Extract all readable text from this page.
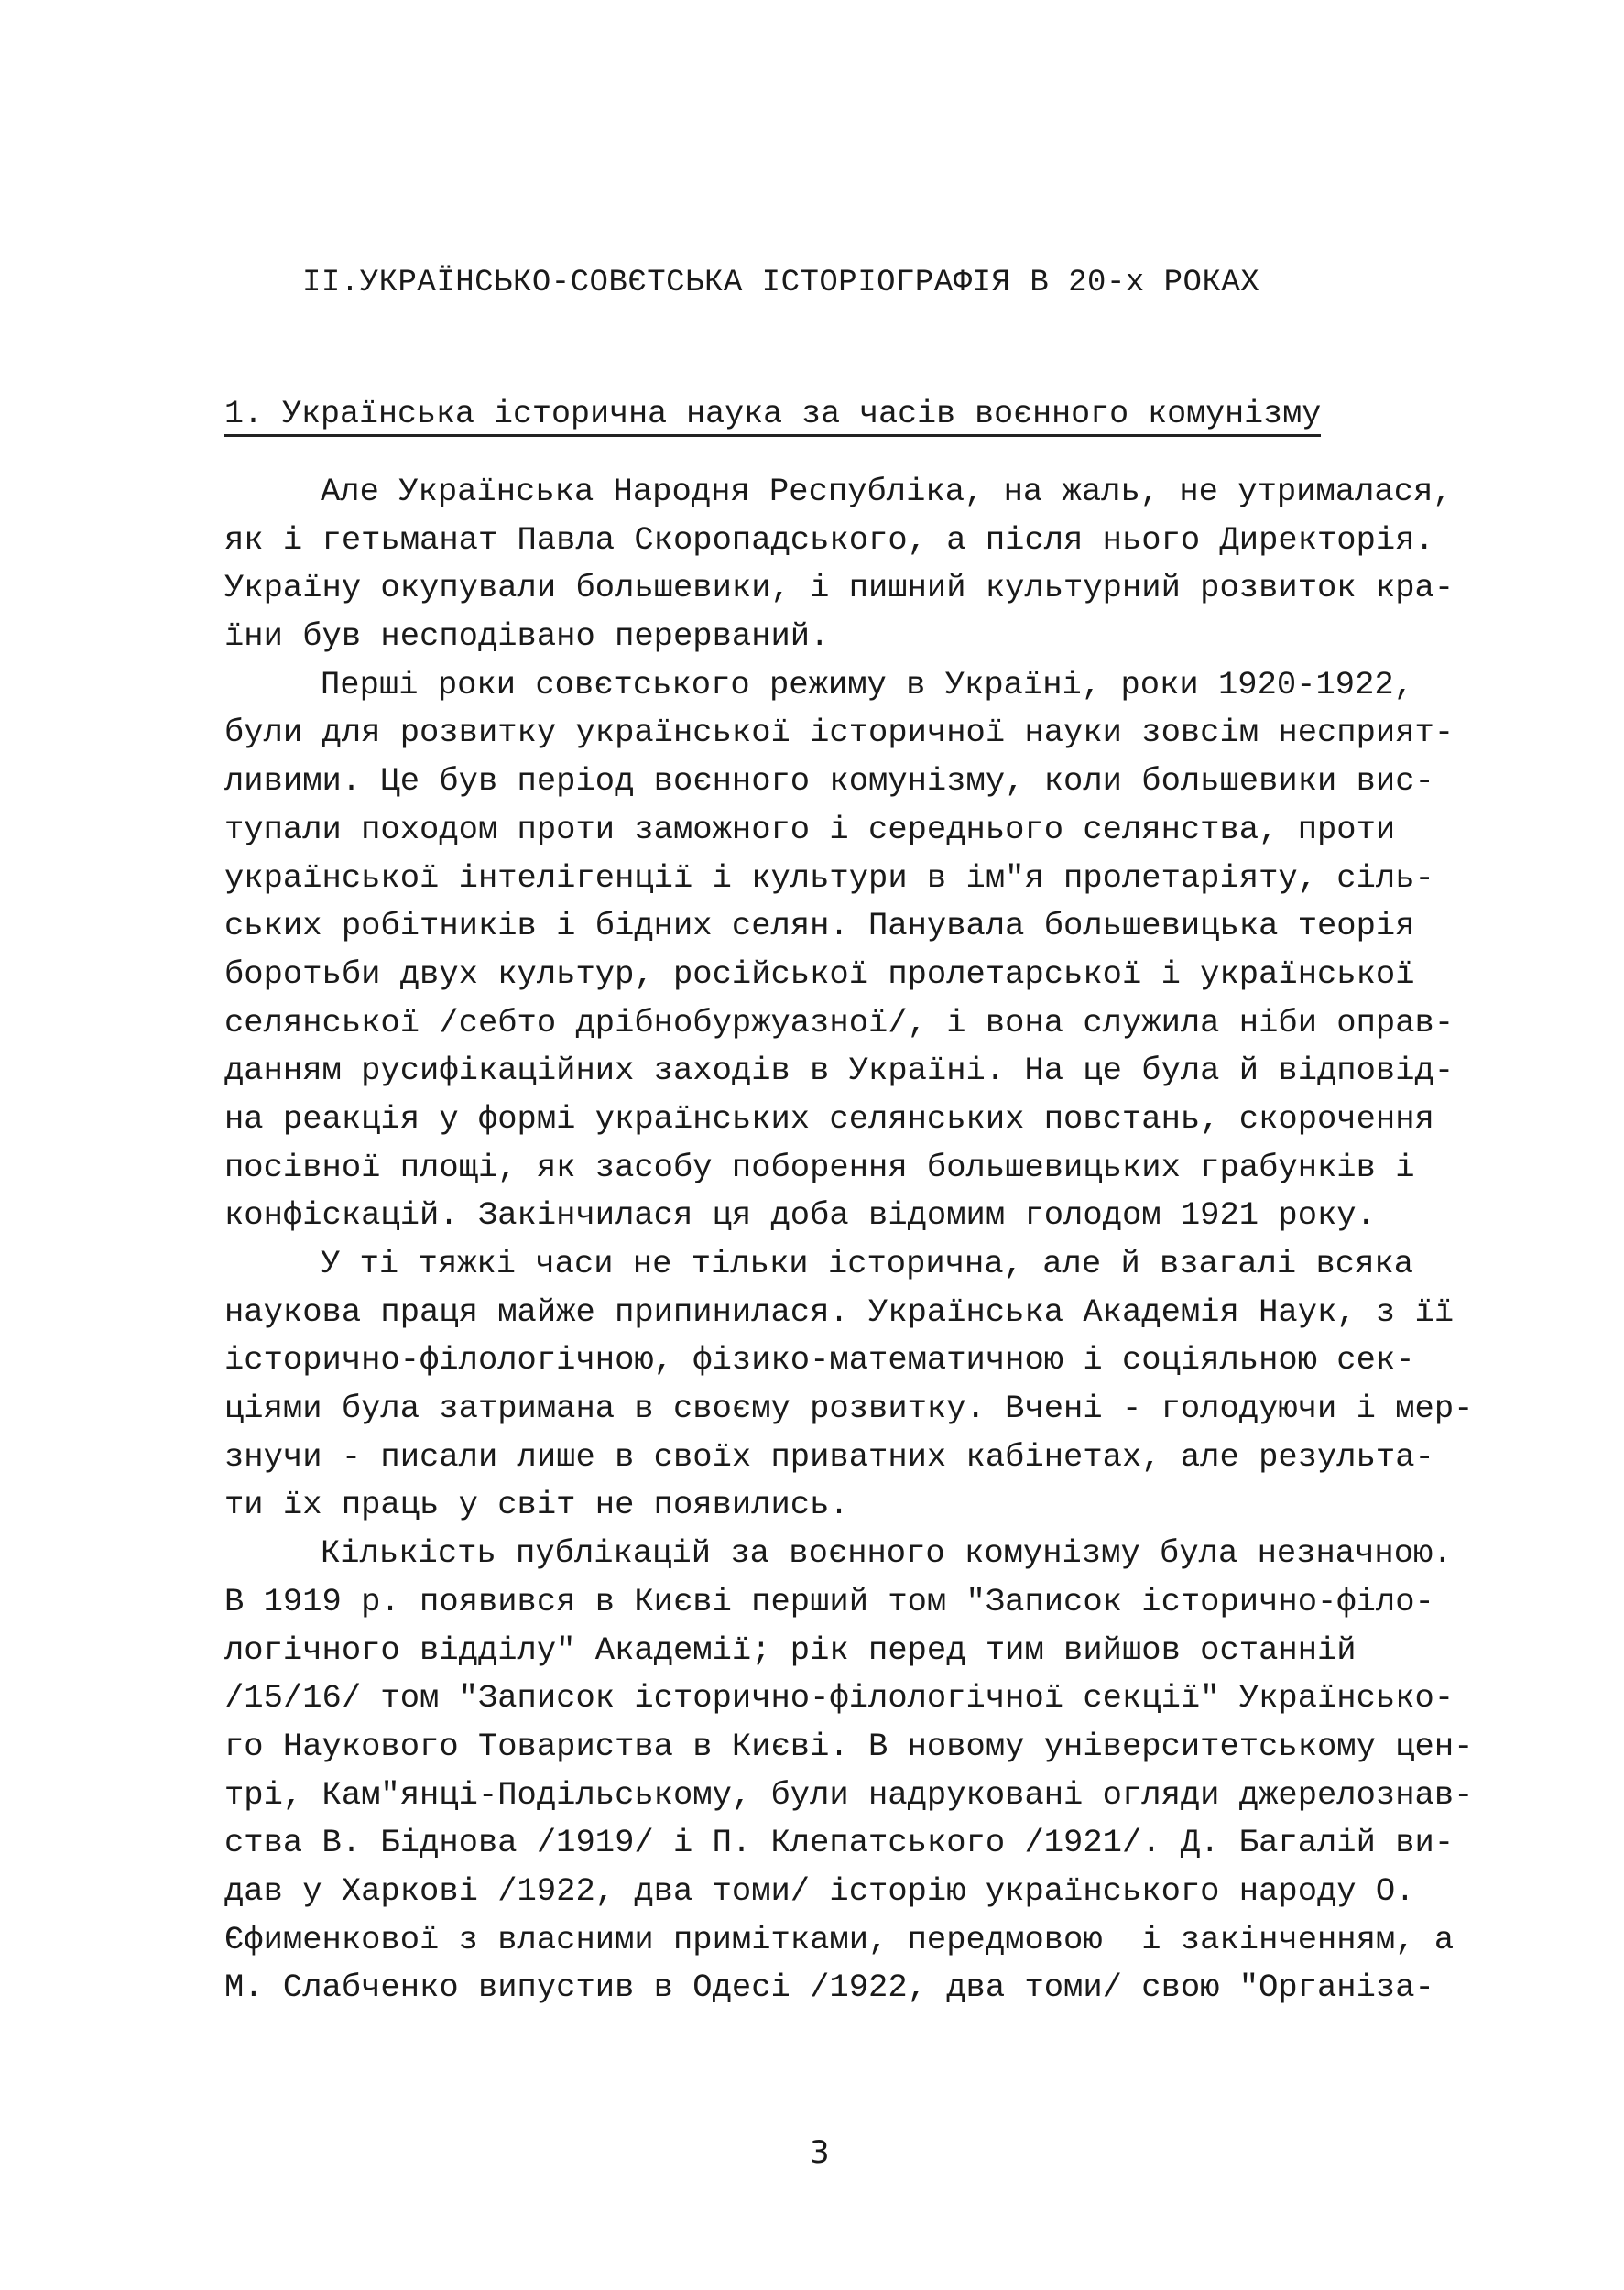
II.УКРАЇНСЬКО-СОВЄТСЬКА ІСТОРІОГРАФІЯ В 20-х РОКАХ
1. Українська історична наука за часів воєнного комунізму
Але Українська Народня Республіка, на жаль, не утрималася,
як і гетьманат Павла Скоропадського, а після нього Директорія.
Україну окупували большевики, і пишний культурний розвиток кра-
їни був несподівано перерваний.
Перші роки совєтського режиму в Україні, роки 1920-1922,
були для розвитку української історичної науки зовсім несприят-
ливими. Це був період воєнного комунізму, коли большевики вис-
тупали походом проти заможного і середнього селянства, проти
української інтелігенції і культури в ім"я пролетаріяту, сіль-
ських робітників і бідних селян. Панувала большевицька теорія
боротьби двух культур, російської пролетарської і української
селянської /себто дрібнобуржуазної/, і вона служила ніби оправ-
данням русифікаційних заходів в Україні. На це була й відповід-
на реакція у формі українських селянських повстань, скорочення
посівної площі, як засобу поборення большевицьких грабунків і
конфіскацій. Закінчилася ця доба відомим голодом 1921 року.
У ті тяжкі часи не тільки історична, але й взагалі всяка
наукова праця майже припинилася. Українська Академія Наук, з її
історично-філологічною, фізико-математичною і соціяльною сек-
ціями була затримана в своєму розвитку. Вчені - голодуючи і мер-
знучи - писали лише в своїх приватних кабінетах, але результа-
ти їх праць у світ не появились.
Кількість публікацій за воєнного комунізму була незначною.
В 1919 р. появився в Києві перший том "Записок історично-філо-
логічного відділу" Академії; рік перед тим вийшов останній
/15/16/ том "Записок історично-філологічної секції" Українсько-
го Наукового Товариства в Києві. В новому університетському цен-
трі, Кам"янці-Подільському, були надруковані огляди джерелознав-
ства В. Біднова /1919/ і П. Клепатського /1921/. Д. Багалій ви-
дав у Харкові /1922, два томи/ історію українського народу О.
Єфименкової з власними примітками, передмовою  і закінченням, а
М. Слабченко випустив в Одесі /1922, два томи/ свою "Організа-
3
